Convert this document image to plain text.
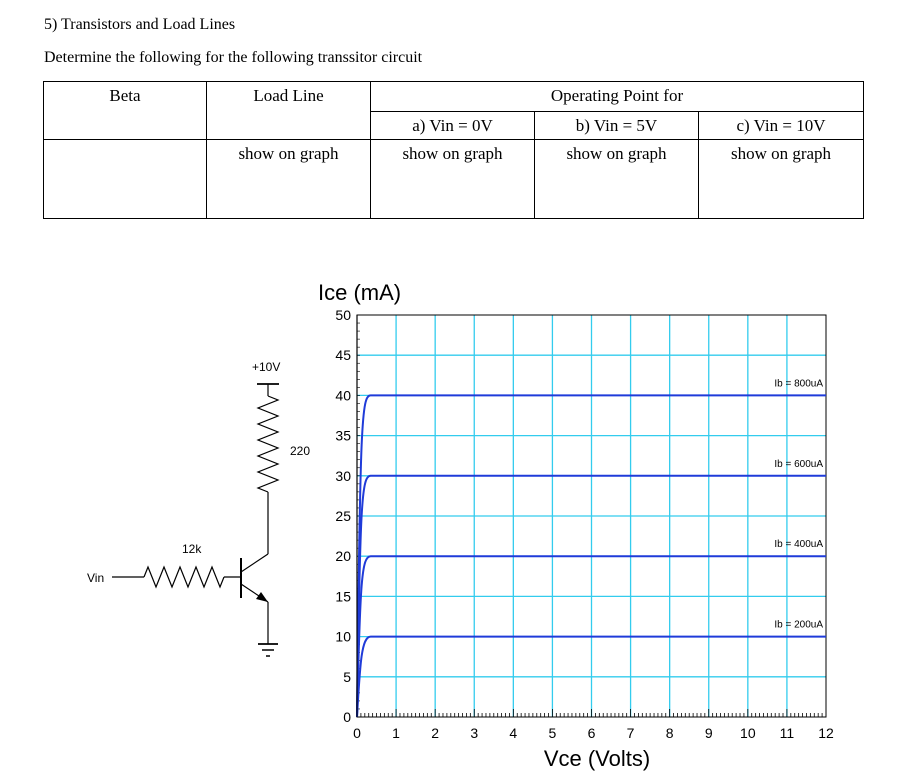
5) Transistors and Load Lines
Determine the following for the following transsitor circuit
Beta	Load Line	Operating Point for		
		a) Vin = 0V	b) Vin = 5V	c) Vin = 10V
	show on graph	show on graph	show on graph	show on graph
+10V
220
Vin
12k
0
5
10
15
20
25
30
35
40
45
50
0 1 2 3 4 5 6 7 8 9 10 11 12
Ib = 200uA
Ib = 400uA
Ib = 600uA
Ib = 800uA
Ice (mA)
Vce (Volts)
